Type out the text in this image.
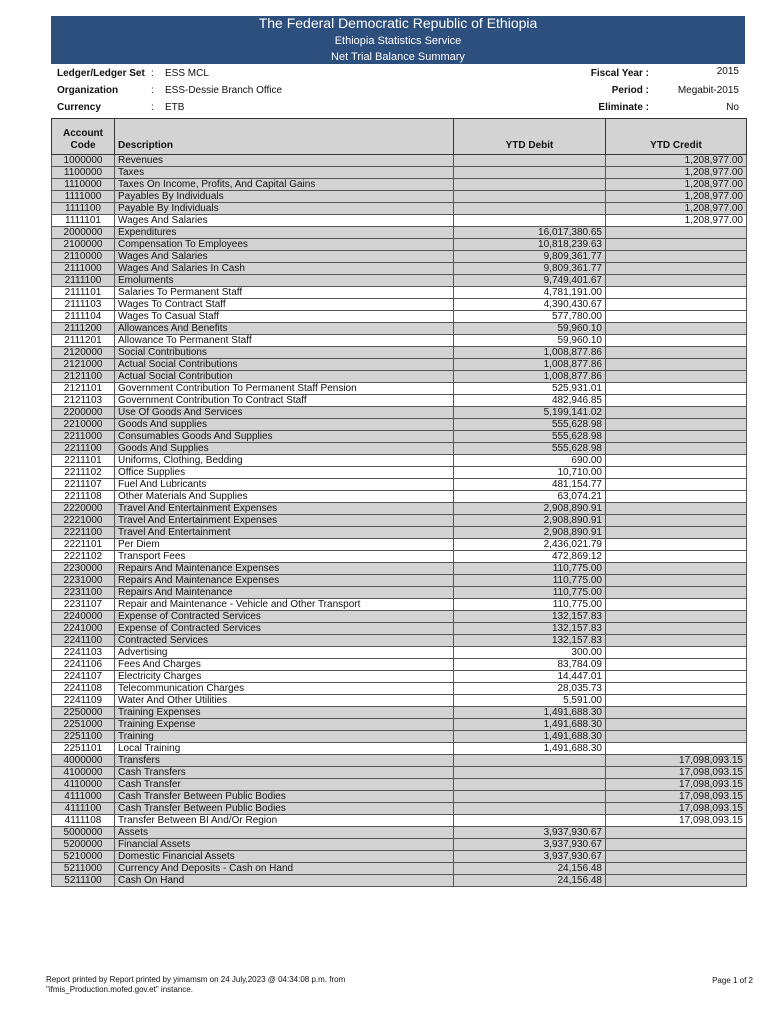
The Federal Democratic Republic of Ethiopia
Ethiopia Statistics Service
Net Trial Balance Summary
Ledger/Ledger Set : ESS MCL
Organization	: ESS-Dessie Branch Office
Currency	: ETB
Fiscal Year :	2015
Period :	Megabit-2015
Eliminate :	No
Account Code	Description	YTD Debit	YTD Credit
1000000	Revenues		1,208,977.00
1100000	Taxes		1,208,977.00
1110000	Taxes On Income, Profits, And Capital Gains		1,208,977.00
1111000	Payables By Individuals		1,208,977.00
1111100	Payable By Individuals		1,208,977.00
1111101	Wages And Salaries		1,208,977.00
2000000	Expenditures	16,017,380.65	
2100000	Compensation To Employees	10,818,239.63	
2110000	Wages And Salaries	9,809,361.77	
2111000	Wages And Salaries In Cash	9,809,361.77	
2111100	Emoluments	9,749,401.67	
2111101	Salaries To Permanent Staff	4,781,191.00	
2111103	Wages To Contract Staff	4,390,430.67	
2111104	Wages To Casual Staff	577,780.00	
2111200	Allowances And Benefits	59,960.10	
2111201	Allowance To Permanent Staff	59,960.10	
2120000	Social Contributions	1,008,877.86	
2121000	Actual Social Contributions	1,008,877.86	
2121100	Actual Social Contribution	1,008,877.86	
2121101	Government Contribution To Permanent Staff Pension	525,931.01	
2121103	Government Contribution To Contract Staff	482,946.85	
2200000	Use Of Goods And Services	5,199,141.02	
2210000	Goods And supplies	555,628.98	
2211000	Consumables Goods And Supplies	555,628.98	
2211100	Goods And Supplies	555,628.98	
2211101	Uniforms, Clothing, Bedding	690.00	
2211102	Office Supplies	10,710.00	
2211107	Fuel And Lubricants	481,154.77	
2211108	Other Materials And Supplies	63,074.21	
2220000	Travel And Entertainment Expenses	2,908,890.91	
2221000	Travel And Entertainment Expenses	2,908,890.91	
2221100	Travel And Entertainment	2,908,890.91	
2221101	Per Diem	2,436,021.79	
2221102	Transport Fees	472,869.12	
2230000	Repairs And Maintenance Expenses	110,775.00	
2231000	Repairs And Maintenance Expenses	110,775.00	
2231100	Repairs And Maintenance	110,775.00	
2231107	Repair and Maintenance - Vehicle and Other Transport	110,775.00	
2240000	Expense of Contracted Services	132,157.83	
2241000	Expense of Contracted Services	132,157.83	
2241100	Contracted Services	132,157.83	
2241103	Advertising	300.00	
2241106	Fees And Charges	83,784.09	
2241107	Electricity Charges	14,447.01	
2241108	Telecommunication Charges	28,035.73	
2241109	Water And Other Utilities	5,591.00	
2250000	Training Expenses	1,491,688.30	
2251000	Training Expense	1,491,688.30	
2251100	Training	1,491,688.30	
2251101	Local Training	1,491,688.30	
4000000	Transfers		17,098,093.15
4100000	Cash Transfers		17,098,093.15
4110000	Cash Transfer		17,098,093.15
4111000	Cash Transfer Between Public Bodies		17,098,093.15
4111100	Cash Transfer Between Public Bodies		17,098,093.15
4111108	Transfer Between BI And/Or Region		17,098,093.15
5000000	Assets	3,937,930.67	
5200000	Financial Assets	3,937,930.67	
5210000	Domestic Financial Assets	3,937,930.67	
5211000	Currency And Deposits - Cash on Hand	24,156.48	
5211100	Cash On Hand	24,156.48	
Report printed by Report printed by yimamsm on 24 July,2023 @ 04:34:08 p.m. from
"ifmis_Production.mofed.gov.et" instance.
Page 1 of 2
